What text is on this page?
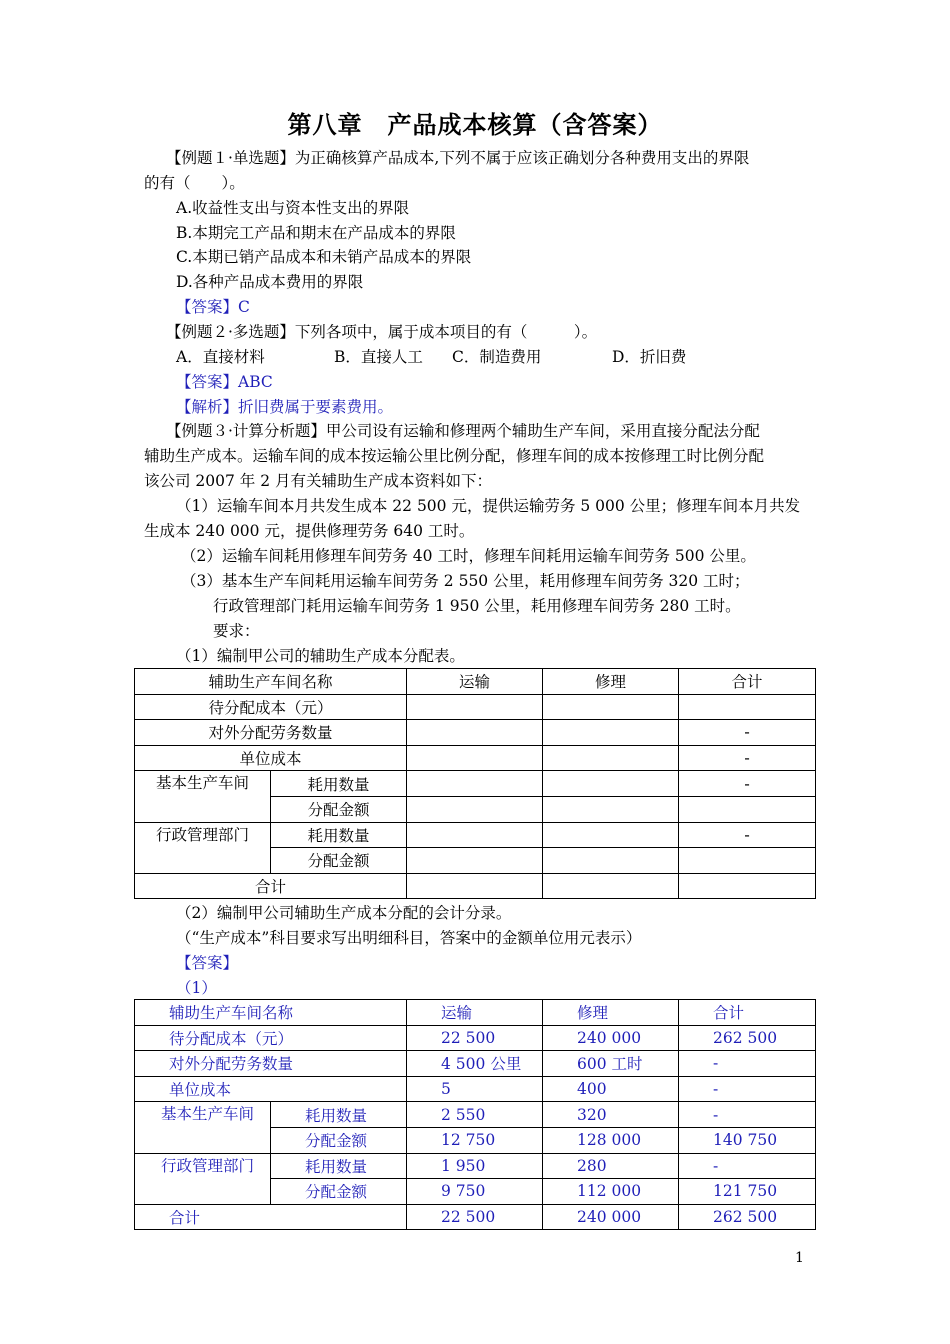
第八章　产品成本核算（含答案）
【例题１·单选题】为正确核算产品成本,下列不属于应该正确划分各种费用支出的界限
的有（　　）。
A.收益性支出与资本性支出的界限
B.本期完工产品和期末在产品成本的界限
C.本期已销产品成本和未销产品成本的界限
D.各种产品成本费用的界限
【答案】C
【例题２·多选题】下列各项中，属于成本项目的有（　　　）。
A．直接材料	B．直接人工 C．制造费用	D．折旧费
【答案】ABC
【解析】折旧费属于要素费用。
【例题３·计算分析题】甲公司设有运输和修理两个辅助生产车间，采用直接分配法分配
辅助生产成本。运输车间的成本按运输公里比例分配，修理车间的成本按修理工时比例分配
该公司 2007 年 2 月有关辅助生产成本资料如下：
（1）运输车间本月共发生成本 22 500 元，提供运输劳务 5 000 公里；修理车间本月共发
生成本 240 000 元，提供修理劳务 640 工时。
（2）运输车间耗用修理车间劳务 40 工时，修理车间耗用运输车间劳务 500 公里。
（3）基本生产车间耗用运输车间劳务 2 550 公里，耗用修理车间劳务 320 工时；
行政管理部门耗用运输车间劳务 1 950 公里，耗用修理车间劳务 280 工时。
要求：
（1）编制甲公司的辅助生产成本分配表。
辅助生产车间名称		运输	修理	合计
待分配成本（元）				
对外分配劳务数量				-
单位成本				-
基本生产车间	耗用数量			-
	分配金额			
行政管理部门	耗用数量			-
	分配金额			
合计				
（2）编制甲公司辅助生产成本分配的会计分录。
（“生产成本”科目要求写出明细科目，答案中的金额单位用元表示）
【答案】
（1）
辅助生产车间名称		运输	修理	合计
待分配成本（元）		22 500	240 000	262 500
对外分配劳务数量		4 500 公里	600 工时	-
单位成本		5	400	-
基本生产车间	耗用数量	2 550	320	-
	分配金额	12 750	128 000	140 750
行政管理部门	耗用数量	1 950	280	-
	分配金额	9 750	112 000	121 750
合计		22 500	240 000	262 500
1
